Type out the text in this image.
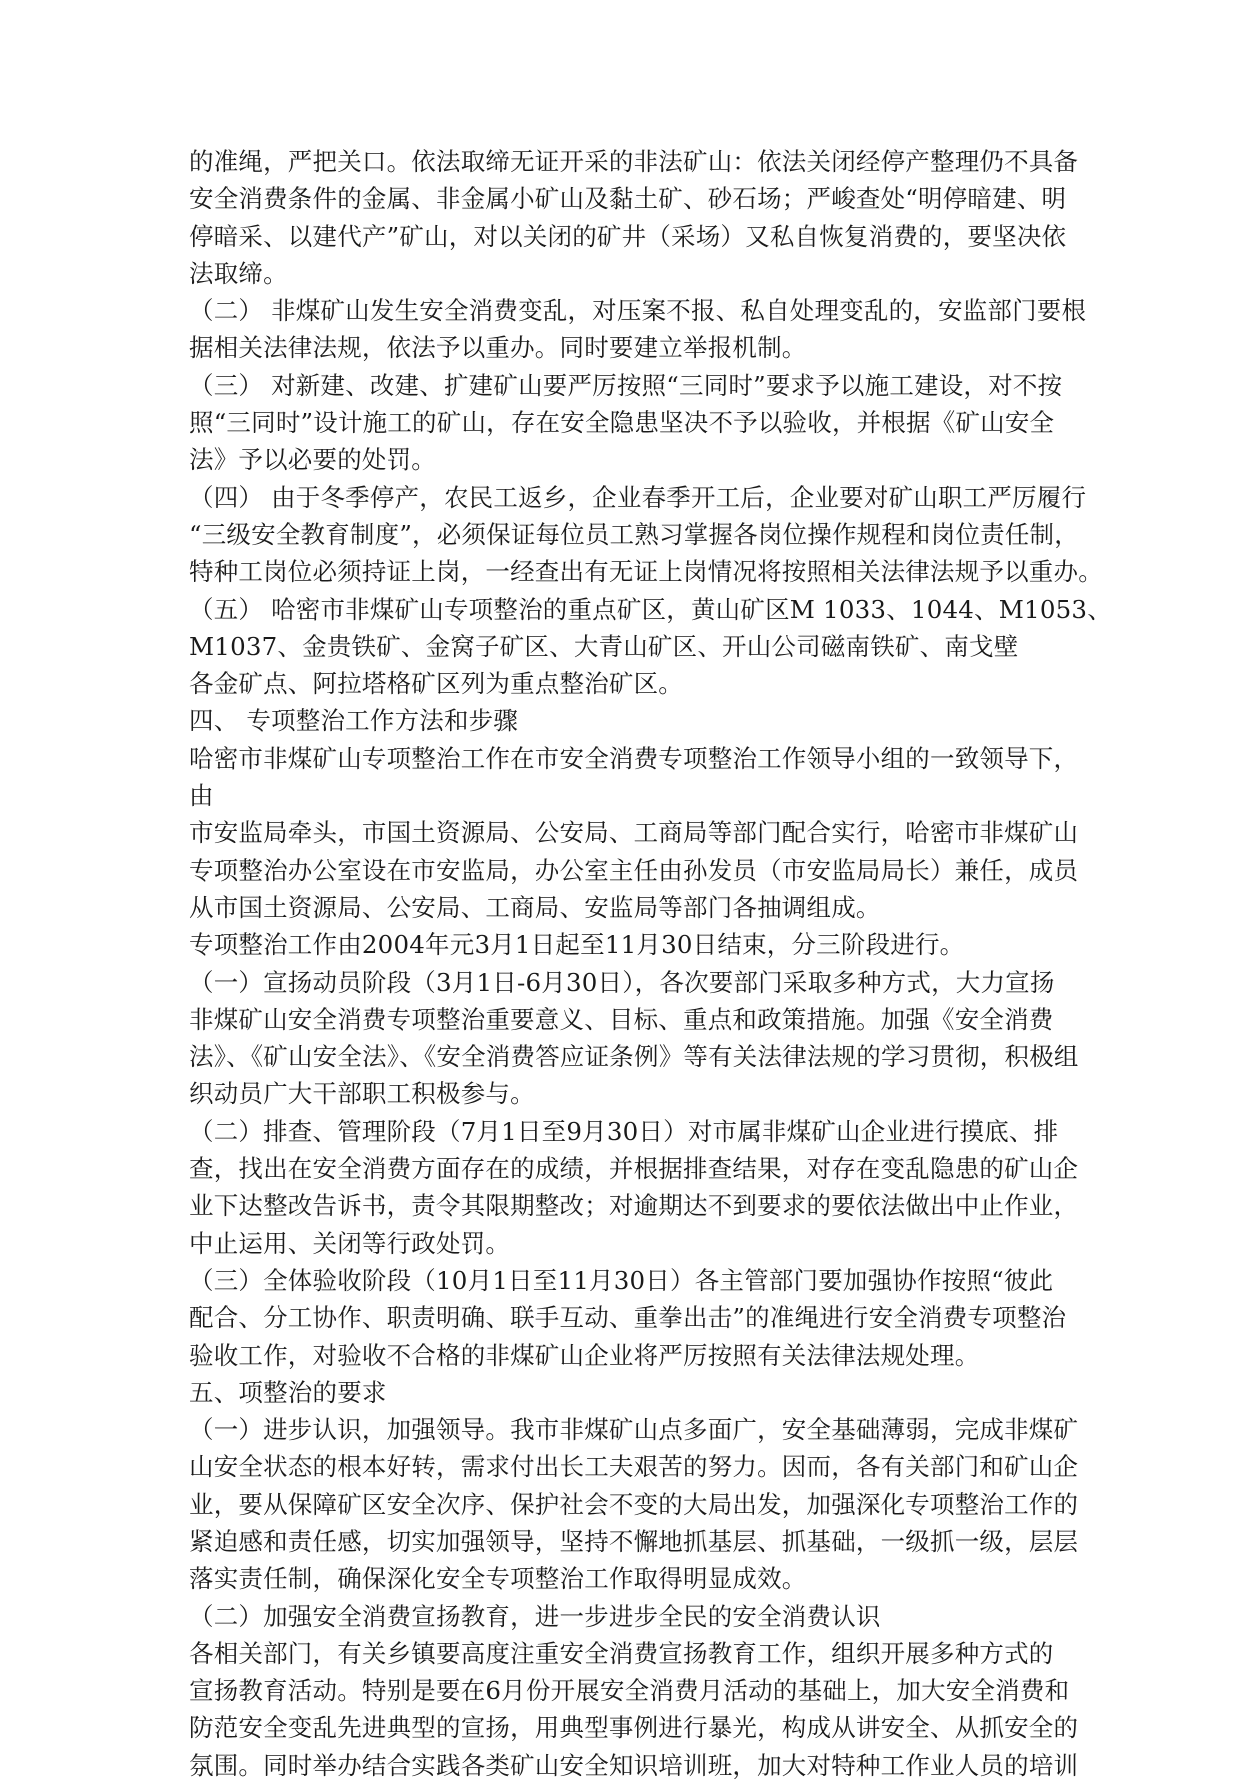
的准绳，严把关口。依法取缔无证开采的非法矿山：依法关闭经停产整理仍不具备
安全消费条件的金属、非金属小矿山及黏土矿、砂石场；严峻查处“明停暗建、明
停暗采、以建代产”矿山，对以关闭的矿井（采场）又私自恢复消费的，要坚决依
法取缔。
（二） 非煤矿山发生安全消费变乱，对压案不报、私自处理变乱的，安监部门要根
据相关法律法规，依法予以重办。同时要建立举报机制。
（三） 对新建、改建、扩建矿山要严厉按照“三同时”要求予以施工建设，对不按
照“三同时”设计施工的矿山，存在安全隐患坚决不予以验收，并根据《矿山安全
法》予以必要的处罚。
（四） 由于冬季停产，农民工返乡，企业春季开工后，企业要对矿山职工严厉履行
“三级安全教育制度”，必须保证每位员工熟习掌握各岗位操作规程和岗位责任制，
特种工岗位必须持证上岗，一经查出有无证上岗情况将按照相关法律法规予以重办。
（五） 哈密市非煤矿山专项整治的重点矿区，黄山矿区M 1033、1044、M1053、
M1037、金贵铁矿、金窝子矿区、大青山矿区、开山公司磁南铁矿、南戈壁
各金矿点、阿拉塔格矿区列为重点整治矿区。
四、 专项整治工作方法和步骤
哈密市非煤矿山专项整治工作在市安全消费专项整治工作领导小组的一致领导下，
由
市安监局牵头，市国土资源局、公安局、工商局等部门配合实行，哈密市非煤矿山
专项整治办公室设在市安监局，办公室主任由孙发员（市安监局局长）兼任，成员
从市国土资源局、公安局、工商局、安监局等部门各抽调组成。
专项整治工作由2004年元3月1日起至11月30日结束，分三阶段进行。
（一）宣扬动员阶段（3月1日-6月30日），各次要部门采取多种方式，大力宣扬
非煤矿山安全消费专项整治重要意义、目标、重点和政策措施。加强《安全消费
法》、《矿山安全法》、《安全消费答应证条例》等有关法律法规的学习贯彻，积极组
织动员广大干部职工积极参与。
（二）排查、管理阶段（7月1日至9月30日）对市属非煤矿山企业进行摸底、排
查，找出在安全消费方面存在的成绩，并根据排查结果，对存在变乱隐患的矿山企
业下达整改告诉书，责令其限期整改；对逾期达不到要求的要依法做出中止作业，
中止运用、关闭等行政处罚。
（三）全体验收阶段（10月1日至11月30日）各主管部门要加强协作按照“彼此
配合、分工协作、职责明确、联手互动、重拳出击”的准绳进行安全消费专项整治
验收工作，对验收不合格的非煤矿山企业将严厉按照有关法律法规处理。
五、项整治的要求
（一）进步认识，加强领导。我市非煤矿山点多面广，安全基础薄弱，完成非煤矿
山安全状态的根本好转，需求付出长工夫艰苦的努力。因而，各有关部门和矿山企
业，要从保障矿区安全次序、保护社会不变的大局出发，加强深化专项整治工作的
紧迫感和责任感，切实加强领导，坚持不懈地抓基层、抓基础，一级抓一级，层层
落实责任制，确保深化安全专项整治工作取得明显成效。
（二）加强安全消费宣扬教育，进一步进步全民的安全消费认识
各相关部门，有关乡镇要高度注重安全消费宣扬教育工作，组织开展多种方式的
宣扬教育活动。特别是要在6月份开展安全消费月活动的基础上，加大安全消费和
防范安全变乱先进典型的宣扬，用典型事例进行暴光，构成从讲安全、从抓安全的
氛围。同时举办结合实践各类矿山安全知识培训班，加大对特种工作业人员的培训
